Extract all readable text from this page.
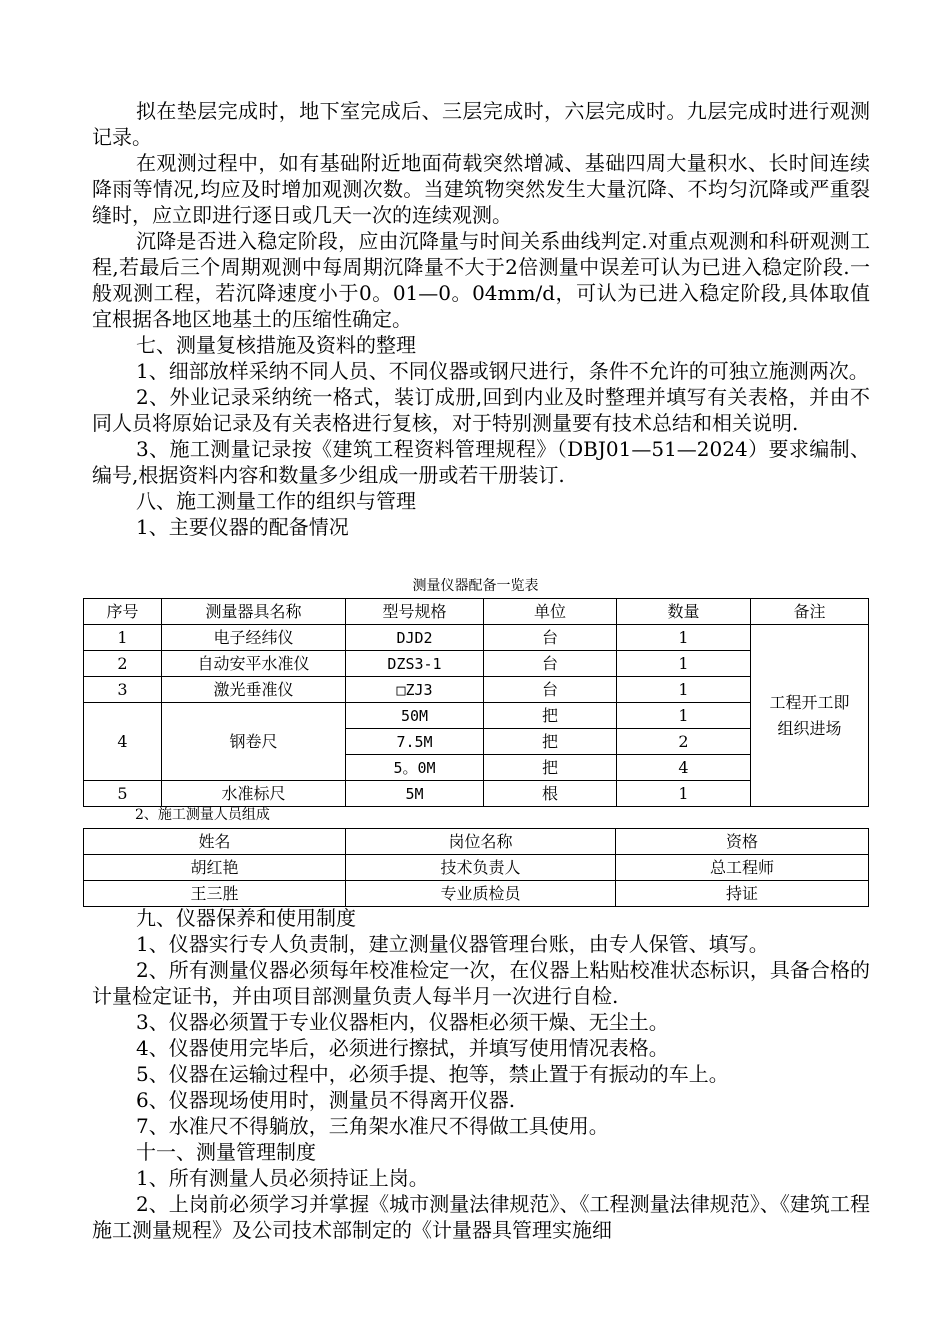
拟在垫层完成时，地下室完成后、三层完成时，六层完成时。九层完成时进行观测记录。

在观测过程中，如有基础附近地面荷载突然增减、基础四周大量积水、长时间连续降雨等情况,均应及时增加观测次数。当建筑物突然发生大量沉降、不均匀沉降或严重裂缝时，应立即进行逐日或几天一次的连续观测。

沉降是否进入稳定阶段，应由沉降量与时间关系曲线判定.对重点观测和科研观测工程,若最后三个周期观测中每周期沉降量不大于2倍测量中误差可认为已进入稳定阶段.一般观测工程，若沉降速度小于0。01—0。04mm/d，可认为已进入稳定阶段,具体取值宜根据各地区地基土的压缩性确定。

七、测量复核措施及资料的整理

1、细部放样采纳不同人员、不同仪器或钢尺进行，条件不允许的可独立施测两次。

2、外业记录采纳统一格式，装订成册,回到内业及时整理并填写有关表格，并由不同人员将原始记录及有关表格进行复核，对于特别测量要有技术总结和相关说明.

3、施工测量记录按《建筑工程资料管理规程》（DBJ01—51—2024）要求编制、编号,根据资料内容和数量多少组成一册或若干册装订.

八、施工测量工作的组织与管理

1、主要仪器的配备情况

测量仪器配备一览表
序号	测量器具名称	型号规格	单位	数量	备注
1	电子经纬仪	DJD2	台	1	工程开工即
组织进场

2	自动安平水准仪	DZS3-1	台	1	
3	激光垂准仪	□ZJ3	台	1	
4	钢卷尺	50M	把	1	
		7.5M	把	2	
		5。0M	把	4	
5	水准标尺	5M	根	1	
2、施工测量人员组成
姓名	岗位名称	资格
胡红艳	技术负责人	总工程师
王三胜	专业质检员	持证

九、仪器保养和使用制度

1、仪器实行专人负责制，建立测量仪器管理台账，由专人保管、填写。

2、所有测量仪器必须每年校准检定一次，在仪器上粘贴校准状态标识，具备合格的计量检定证书，并由项目部测量负责人每半月一次进行自检.

3、仪器必须置于专业仪器柜内，仪器柜必须干燥、无尘土。

4、仪器使用完毕后，必须进行擦拭，并填写使用情况表格。

5、仪器在运输过程中，必须手提、抱等，禁止置于有振动的车上。

6、仪器现场使用时，测量员不得离开仪器.

7、水准尺不得躺放，三角架水准尺不得做工具使用。

十一、测量管理制度

1、所有测量人员必须持证上岗。

2、上岗前必须学习并掌握《城市测量法律规范》、《工程测量法律规范》、《建筑工程施工测量规程》及公司技术部制定的《计量器具管理实施细
